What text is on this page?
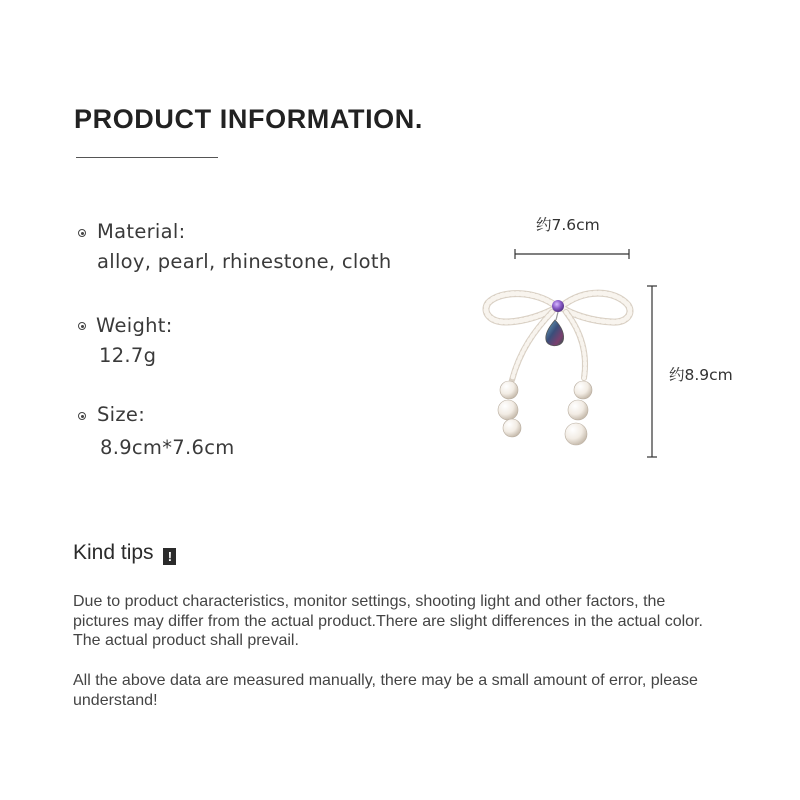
PRODUCT INFORMATION.
Material:
alloy, pearl, rhinestone, cloth
Weight:
12.7g
Size:
8.9cm*7.6cm
约7.6cm
约8.9cm
Kind tips !

Due to product characteristics, monitor settings, shooting light and other factors, the pictures may differ from the actual product.There are slight differences in the actual color. The actual product shall prevail.

All the above data are measured manually, there may be a small amount of error, please understand!
